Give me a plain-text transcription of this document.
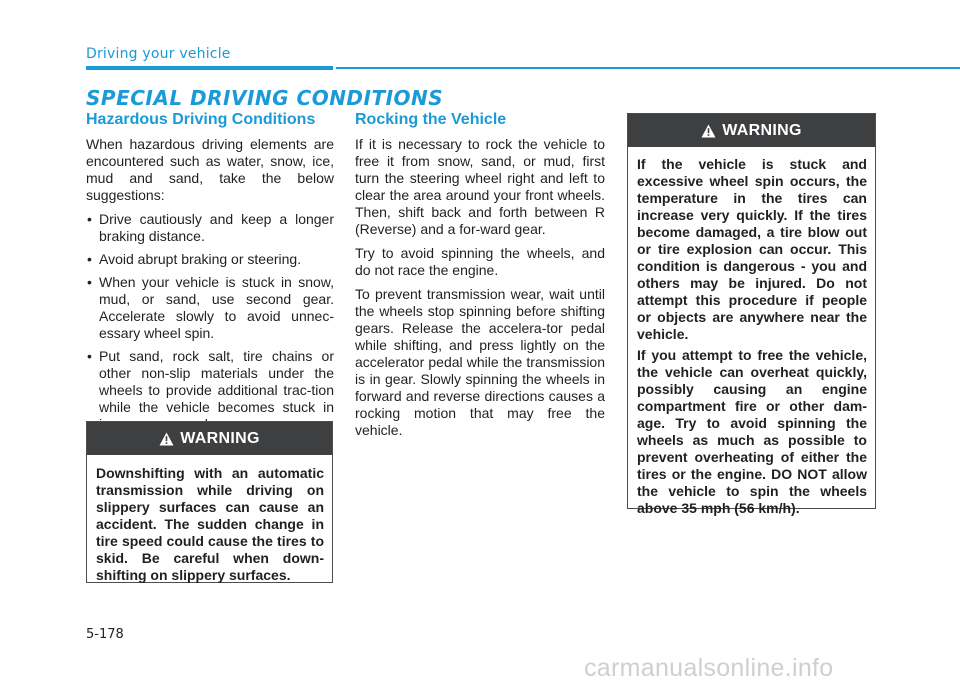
Driving your vehicle

SPECIAL DRIVING CONDITIONS
Hazardous Driving Conditions

When hazardous driving elements are encountered such as water, snow, ice, mud and sand, take the below suggestions:

• Drive cautiously and keep a longer braking distance.
• Avoid abrupt braking or steering.
• When your vehicle is stuck in snow, mud, or sand, use second gear. Accelerate slowly to avoid unnec-essary wheel spin.
• Put sand, rock salt, tire chains or other non-slip materials under the wheels to provide additional trac-tion while the vehicle becomes stuck in
WARNING

Downshifting with an automatic transmission while driving on slippery surfaces can cause an accident. The sudden change in tire speed could cause the tires to skid. Be careful when down-shifting on slippery surfaces.

Rocking the Vehicle

If it is necessary to rock the vehicle to free it from snow, sand, or mud, first turn the steering wheel right and left to clear the area around your front wheels. Then, shift back and forth between R (Reverse) and a for-ward gear.

Try to avoid spinning the wheels, and do not race the engine.

To prevent transmission wear, wait until the wheels stop spinning before shifting gears. Release the accelera-tor pedal while shifting, and press lightly on the accelerator pedal while the transmission is in gear. Slowly spinning the wheels in forward and reverse directions causes a rocking motion that may free the vehicle.

WARNING

If the vehicle is stuck and excessive wheel spin occurs, the temperature in the tires can increase very quickly. If the tires become damaged, a tire blow out or tire explosion can occur. This condition is dangerous - you and others may be injured. Do not attempt this procedure if people or objects are anywhere near the vehicle.

If you attempt to free the vehicle, the vehicle can overheat quickly, possibly causing an engine compartment fire or other dam-age. Try to avoid spinning the wheels as much as possible to prevent overheating of either the tires or the engine. DO NOT allow the vehicle to spin the wheels above 35 mph (56 km/h).

5-178

carmanualsonline.info
